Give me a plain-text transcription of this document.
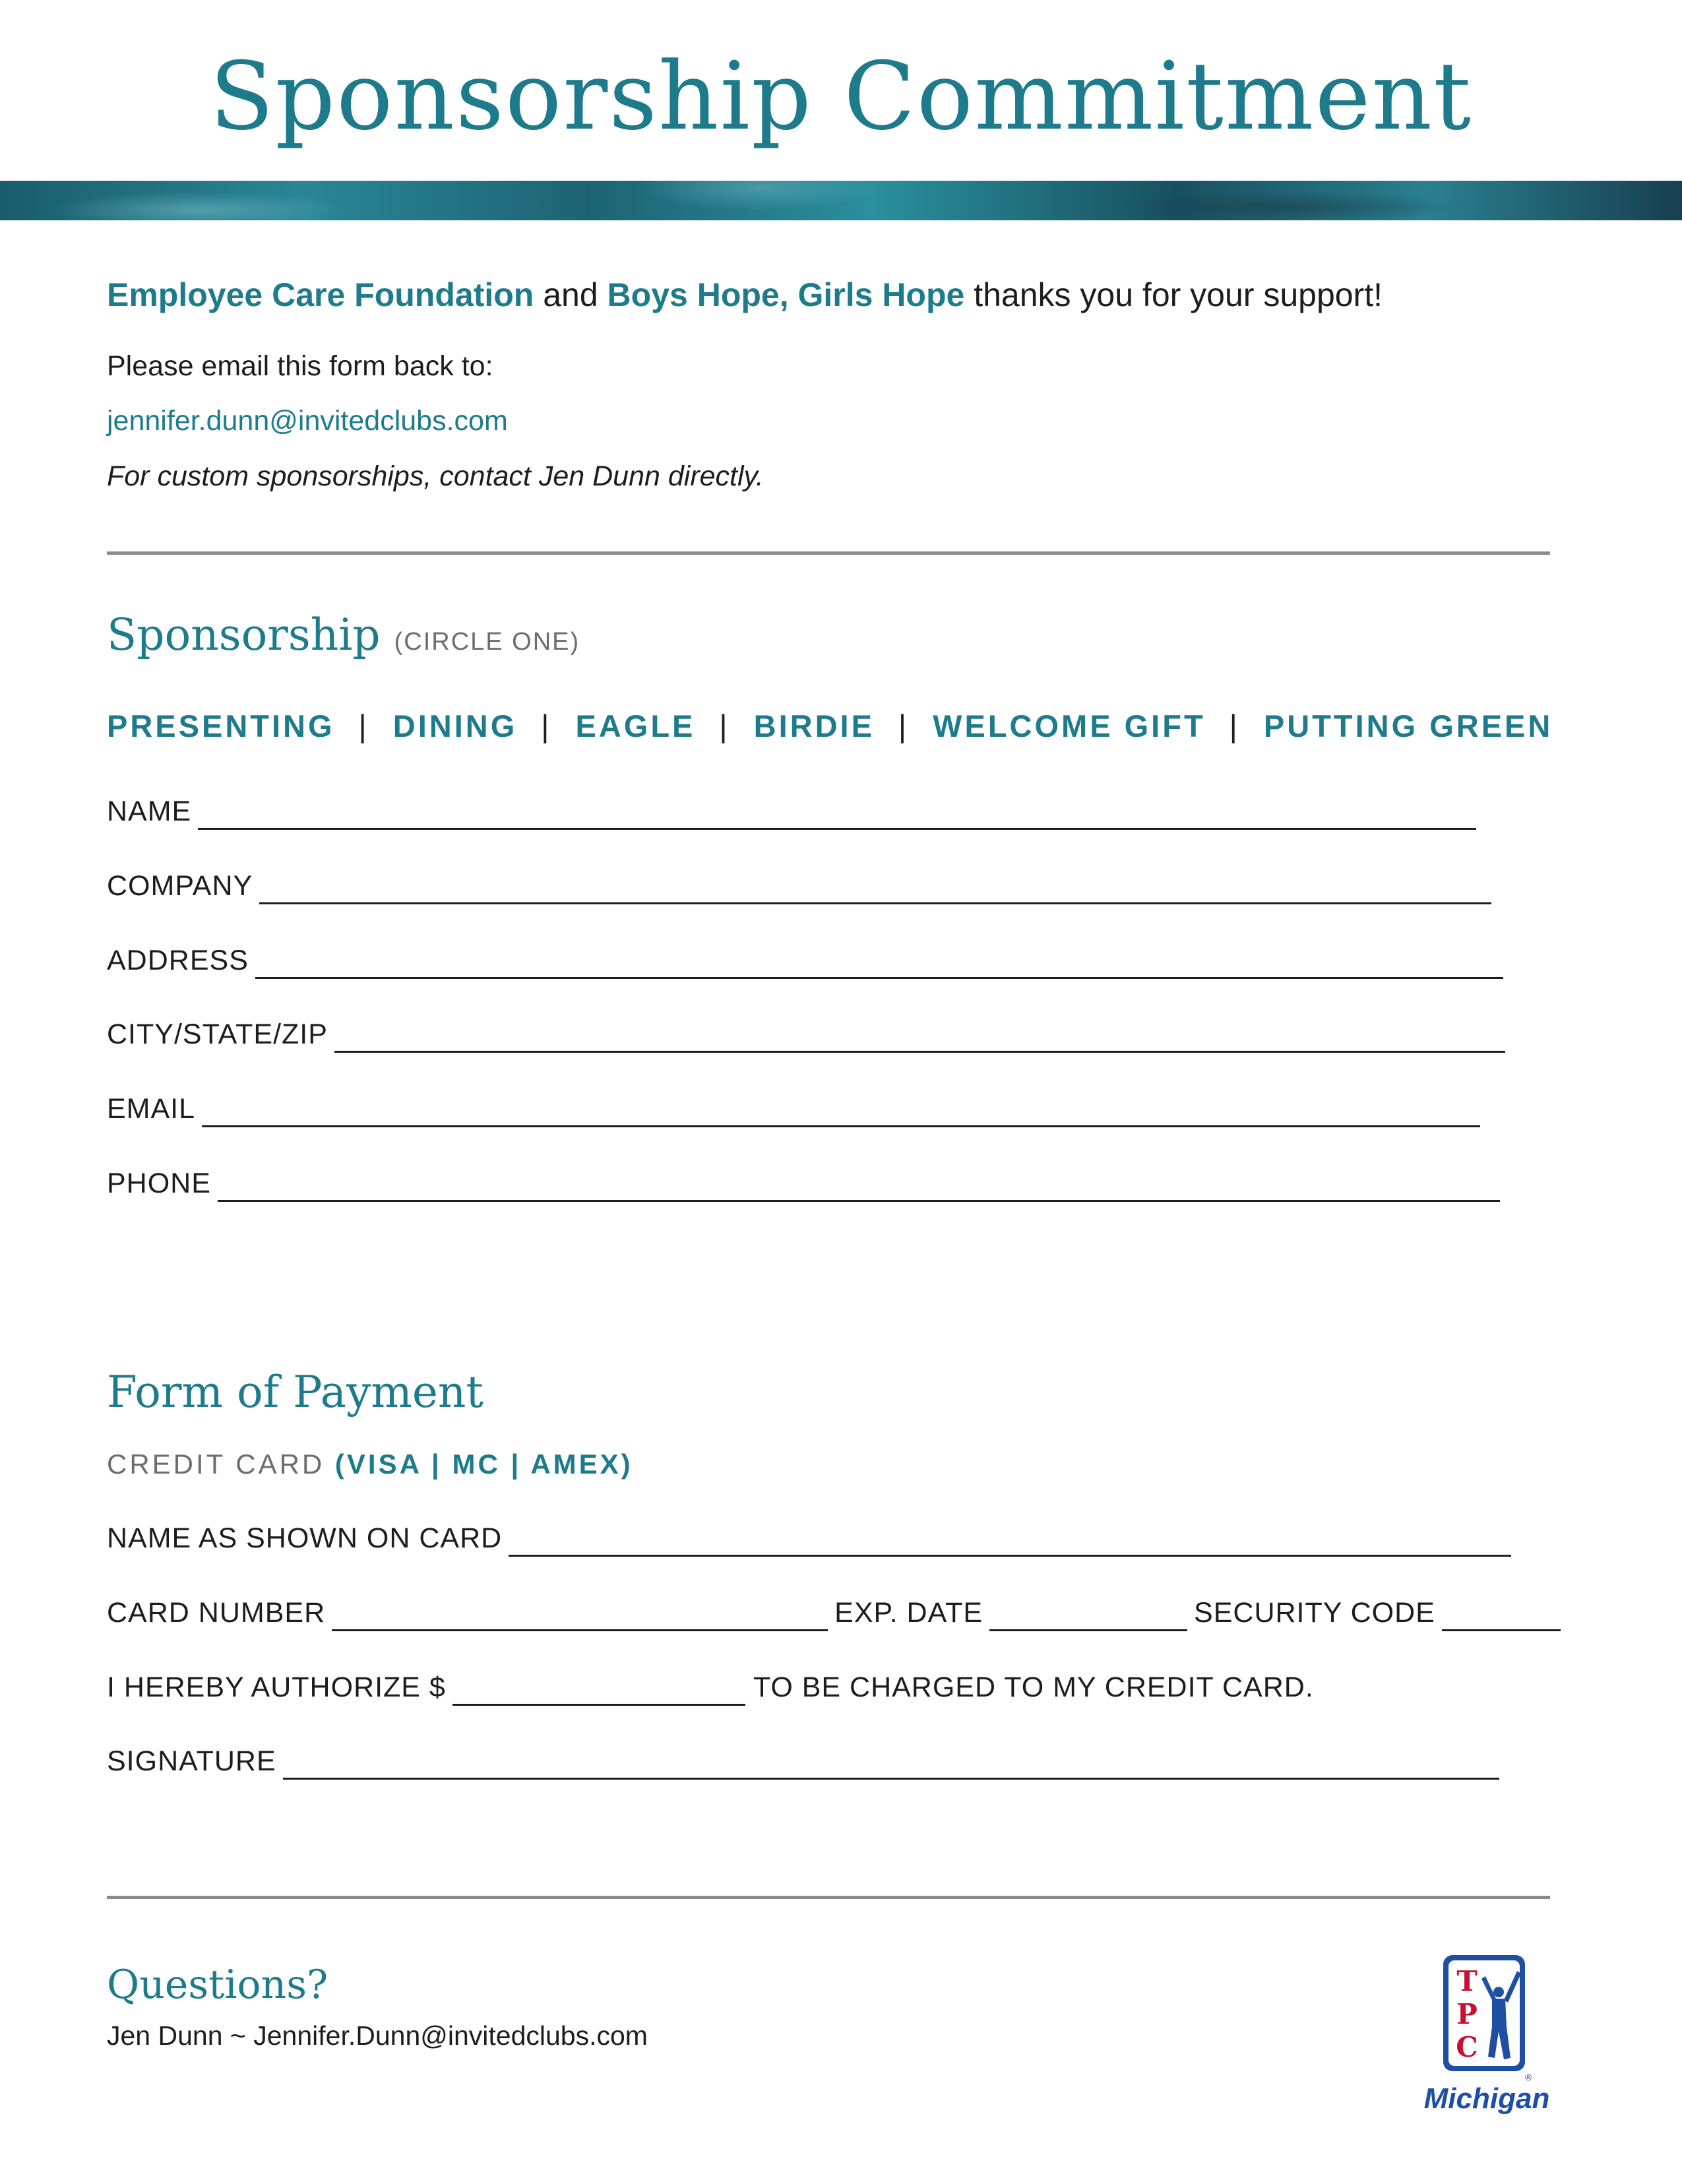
Sponsorship Commitment
Employee Care Foundation and Boys Hope, Girls Hope thanks you for your support!
Please email this form back to:
jennifer.dunn@invitedclubs.com
For custom sponsorships, contact Jen Dunn directly.
Sponsorship (CIRCLE ONE)
PRESENTING | DINING | EAGLE | BIRDIE | WELCOME GIFT | PUTTING GREEN
NAME
COMPANY
ADDRESS
CITY/STATE/ZIP
EMAIL
PHONE
Form of Payment
CREDIT CARD (VISA | MC | AMEX)
NAME AS SHOWN ON CARD
CARD NUMBER	EXP. DATE	SECURITY CODE
I HEREBY AUTHORIZE $	TO BE CHARGED TO MY CREDIT CARD.
SIGNATURE
Questions?
Jen Dunn ~ Jennifer.Dunn@invitedclubs.com
T
P
C
®
Michigan
